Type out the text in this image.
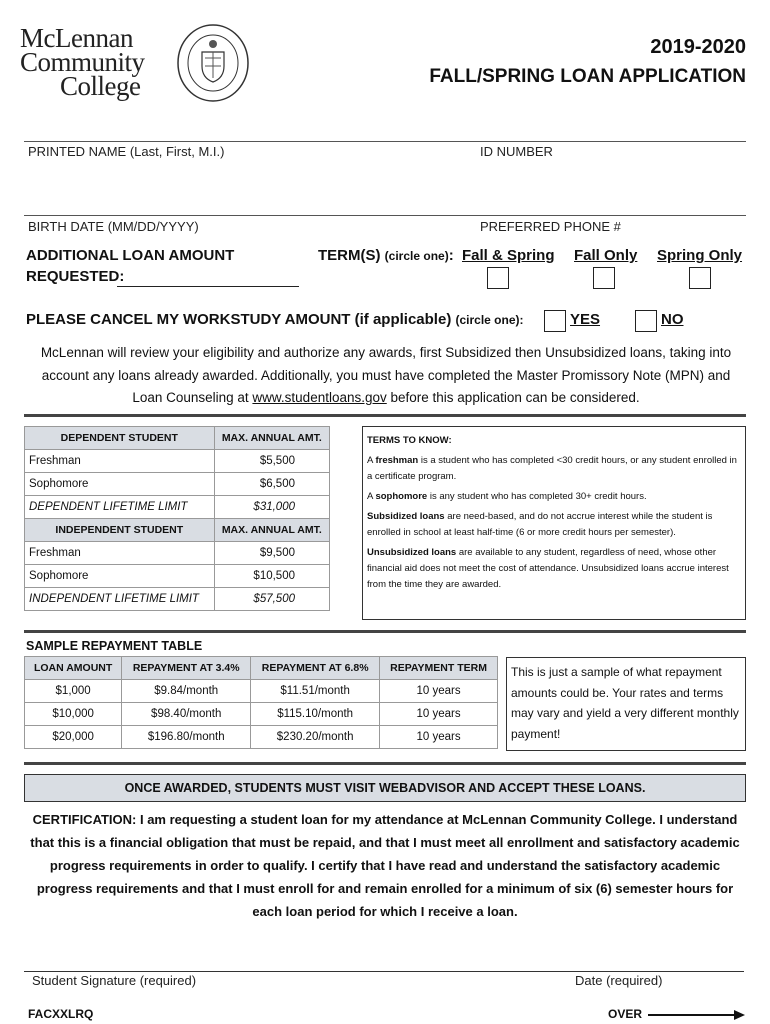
McLennan
Community
College
2019-2020
FALL/SPRING LOAN APPLICATION
PRINTED NAME (Last, First, M.I.)	ID NUMBER
BIRTH DATE (MM/DD/YYYY)	PREFERRED PHONE #
ADDITIONAL LOAN AMOUNT
REQUESTED:
TERM(S) (circle one): Fall & Spring Fall Only Spring Only
PLEASE CANCEL MY WORKSTUDY AMOUNT (if applicable) (circle one):	YES	NO
McLennan will review your eligibility and authorize any awards, first Subsidized then Unsubsidized loans, taking into account any loans already awarded. Additionally, you must have completed the Master Promissory Note (MPN) and Loan Counseling at www.studentloans.gov before this application can be considered.
DEPENDENT STUDENT	MAX. ANNUAL AMT.
Freshman	$5,500
Sophomore	$6,500
DEPENDENT LIFETIME LIMIT	$31,000
INDEPENDENT STUDENT	MAX. ANNUAL AMT.
Freshman	$9,500
Sophomore	$10,500
INDEPENDENT LIFETIME LIMIT	$57,500

TERMS TO KNOW:

A freshman is a student who has completed <30 credit hours, or any student enrolled in a certificate program.

A sophomore is any student who has completed 30+ credit hours.

Subsidized loans are need-based, and do not accrue interest while the student is enrolled in school at least half-time (6 or more credit hours per semester).

Unsubsidized loans are available to any student, regardless of need, whose other financial aid does not meet the cost of attendance. Unsubsidized loans accrue interest from the time they are awarded.

SAMPLE REPAYMENT TABLE
LOAN AMOUNT	REPAYMENT AT 3.4%	REPAYMENT AT 6.8%	REPAYMENT TERM
$1,000	$9.84/month	$11.51/month	10 years
$10,000	$98.40/month	$115.10/month	10 years
$20,000	$196.80/month	$230.20/month	10 years
This is just a sample of what repayment amounts could be. Your rates and terms may vary and yield a very different monthly payment!
ONCE AWARDED, STUDENTS MUST VISIT WEBADVISOR AND ACCEPT THESE LOANS.
CERTIFICATION: I am requesting a student loan for my attendance at McLennan Community College. I understand that this is a financial obligation that must be repaid, and that I must meet all enrollment and satisfactory academic progress requirements in order to qualify. I certify that I have read and understand the satisfactory academic progress requirements and that I must enroll for and remain enrolled for a minimum of six (6) semester hours for each loan period for which I receive a loan.
Student Signature (required)	Date (required)
FACXXLRQ	OVER
